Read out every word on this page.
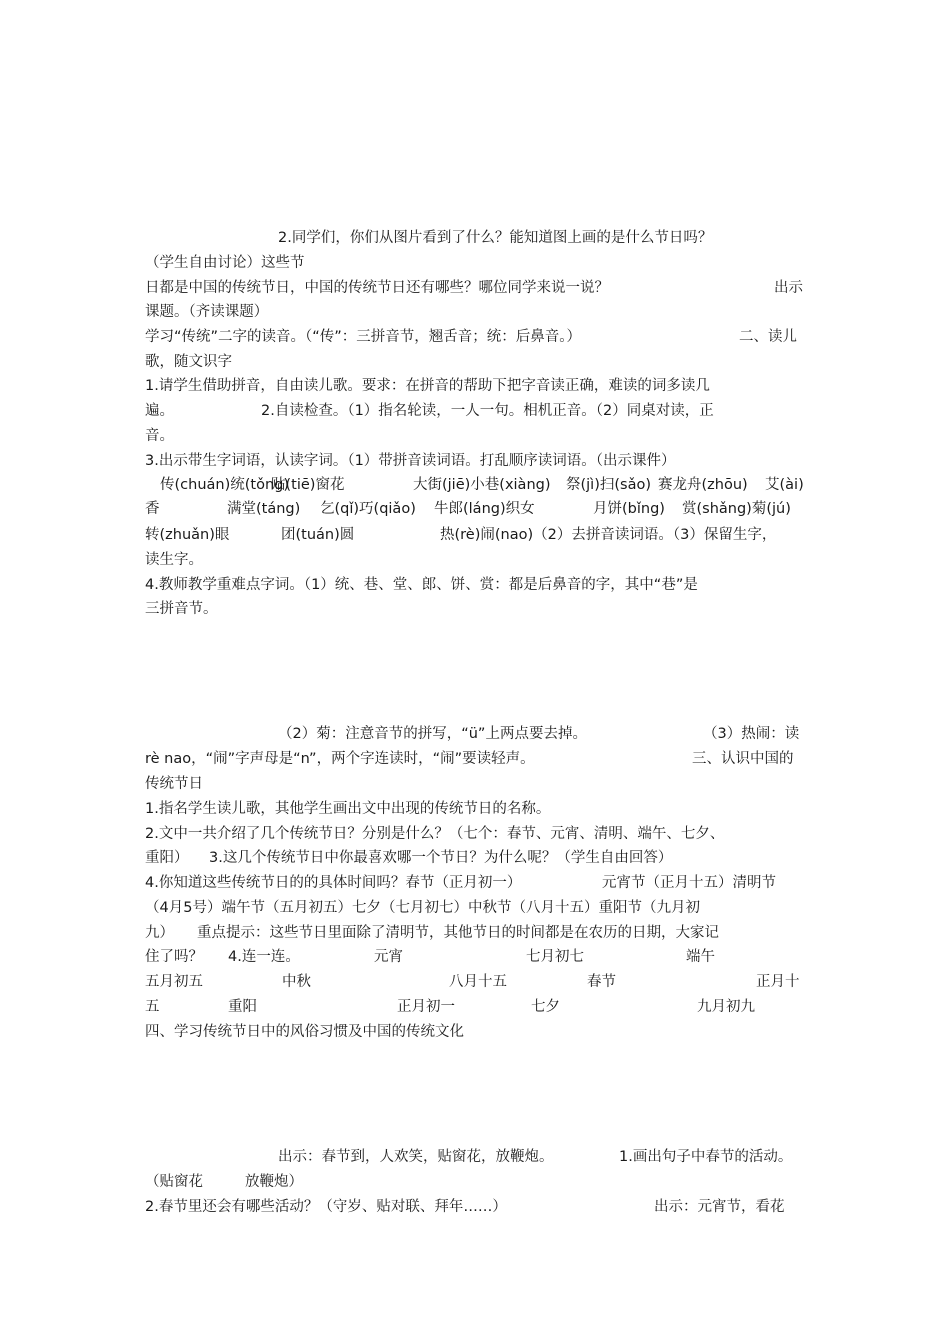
2.同学们，你们从图片看到了什么？能知道图上画的是什么节日吗？
（学生自由讨论）这些节
日都是中国的传统节日，中国的传统节日还有哪些？哪位同学来说一说？	出示
课题。（齐读课题）
学习“传统”二字的读音。（“传”：三拼音节，翘舌音；统：后鼻音。）	二、读儿
歌，随文识字
1.请学生借助拼音，自由读儿歌。要求：在拼音的帮助下把字音读正确，难读的词多读几
遍。	2.自读检查。（1）指名轮读，一人一句。相机正音。（2）同桌对读，正
音。
3.出示带生字词语，认读字词。（1）带拼音读词语。打乱顺序读词语。（出示课件）
传(chuán)统(tǒng)
贴(tiē)窗花	大街(jiē)小巷(xiàng) 祭(jì)扫(sǎo) 赛龙舟(zhōu) 艾(ài)
香	满堂(táng) 乞(qǐ)巧(qiǎo) 牛郎(láng)织女	月饼(bǐng) 赏(shǎng)菊(jú)
转(zhuǎn)眼	团(tuán)圆	热(rè)闹(nao)（2）去拼音读词语。（3）保留生字，
读生字。
4.教师教学重难点字词。（1）统、巷、堂、郎、饼、赏：都是后鼻音的字，其中“巷”是
三拼音节。
（2）菊：注意音节的拼写，“ü”上两点要去掉。	（3）热闹：读
rè nao，“闹”字声母是“n”，两个字连读时，“闹”要读轻声。	三、认识中国的
传统节日
1.指名学生读儿歌，其他学生画出文中出现的传统节日的名称。
2.文中一共介绍了几个传统节日？分别是什么？（七个：春节、元宵、清明、端午、七夕、
重阳） 3.这几个传统节日中你最喜欢哪一个节日？为什么呢？（学生自由回答）
4.你知道这些传统节日的的具体时间吗？春节（正月初一）	元宵节（正月十五）清明节
（4月5号）端午节（五月初五）七夕（七月初七）中秋节（八月十五）重阳节（九月初
九） 重点提示：这些节日里面除了清明节，其他节日的时间都是在农历的日期，大家记
住了吗？ 4.连一连。	元宵	七月初七	端午
五月初五	中秋	八月十五	春节	正月十
五	重阳	正月初一	七夕	九月初九
四、学习传统节日中的风俗习惯及中国的传统文化
出示：春节到，人欢笑，贴窗花，放鞭炮。	1.画出句子中春节的活动。
（贴窗花	放鞭炮）
2.春节里还会有哪些活动？（守岁、贴对联、拜年……）	出示：元宵节，看花
